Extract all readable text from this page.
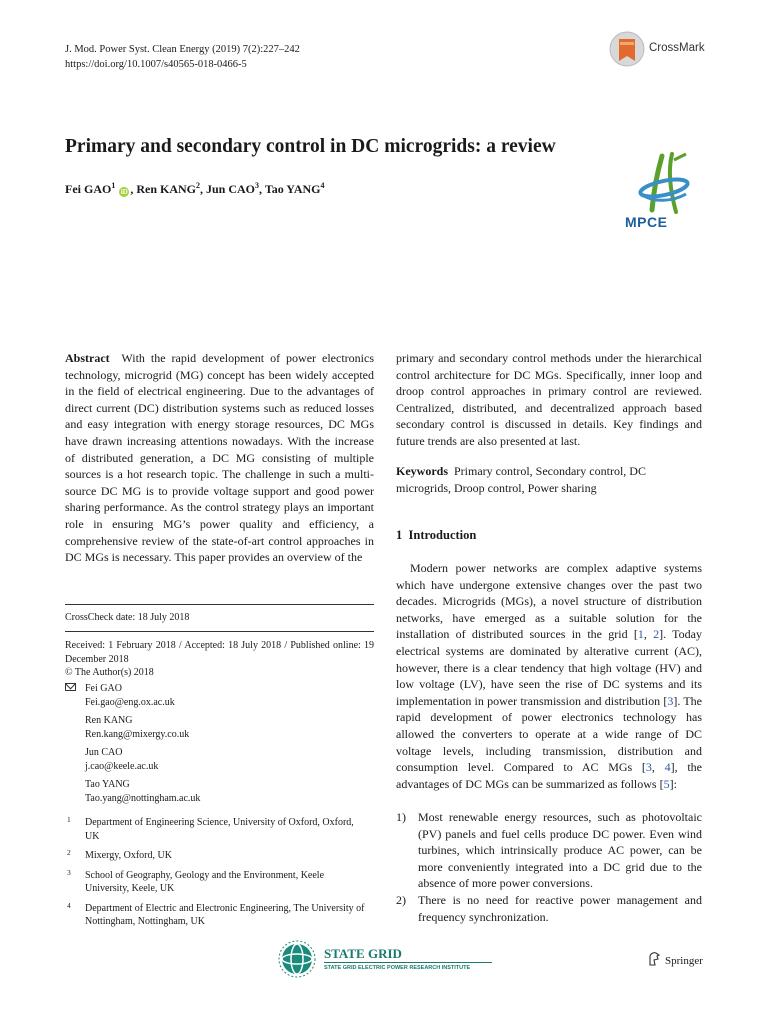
J. Mod. Power Syst. Clean Energy (2019) 7(2):227–242
https://doi.org/10.1007/s40565-018-0466-5
CrossMark
Primary and secondary control in DC microgrids: a review
Fei GAO$^1$ iD , Ren KANG$^2$, Jun CAO$^3$, Tao YANG$^4$
MPCE
Abstract With the rapid development of power electronics technology, microgrid (MG) concept has been widely accepted in the field of electrical engineering. Due to the advantages of direct current (DC) distribution systems such as reduced losses and easy integration with energy storage resources, DC MGs have drawn increasing attentions nowadays. With the increase of distributed generation, a DC MG consisting of multiple sources is a hot research topic. The challenge in such a multi-source DC MG is to provide voltage support and good power sharing performance. As the control strategy plays an important role in ensuring MG’s power quality and efficiency, a comprehensive review of the state-of-art control approaches in DC MGs is necessary. This paper provides an overview of the
CrossCheck date: 18 July 2018
Received: 1 February 2018 / Accepted: 18 July 2018 / Published online: 19 December 2018
© The Author(s) 2018
Fei GAO
Fei.gao@eng.ox.ac.uk
Ren KANG
Ren.kang@mixergy.co.uk
Jun CAO
j.cao@keele.ac.uk
Tao YANG
Tao.yang@nottingham.ac.uk
1 Department of Engineering Science, University of Oxford, Oxford, UK
2 Mixergy, Oxford, UK
3 School of Geography, Geology and the Environment, Keele University, Keele, UK
4 Department of Electric and Electronic Engineering, The University of Nottingham, Nottingham, UK
primary and secondary control methods under the hierarchical control architecture for DC MGs. Specifically, inner loop and droop control approaches in primary control are reviewed. Centralized, distributed, and decentralized approach based secondary control is discussed in details. Key findings and future trends are also presented at last.
Keywords Primary control, Secondary control, DC microgrids, Droop control, Power sharing
1 Introduction
Modern power networks are complex adaptive systems which have undergone extensive changes over the past two decades. Microgrids (MGs), a novel structure of distribution networks, have emerged as a suitable solution for the installation of distributed sources in the grid [1, 2]. Today electrical systems are dominated by alterative current (AC), however, there is a clear tendency that high voltage (HV) and low voltage (LV), have seen the rise of DC systems and its implementation in power transmission and distribution [3]. The rapid development of power electronics technology has allowed the converters to operate at a wide range of DC voltage levels, including transmission, distribution and consumption level. Compared to AC MGs [3, 4], the advantages of DC MGs can be summarized as follows [5]:
1) Most renewable energy resources, such as photovoltaic (PV) panels and fuel cells produce DC power. Even wind turbines, which intrinsically produce AC power, can be more conveniently integrated into a DC grid due to the absence of more power conversions.
2) There is no need for reactive power management and frequency synchronization.
STATE GRID
STATE GRID ELECTRIC POWER RESEARCH INSTITUTE
Springer
